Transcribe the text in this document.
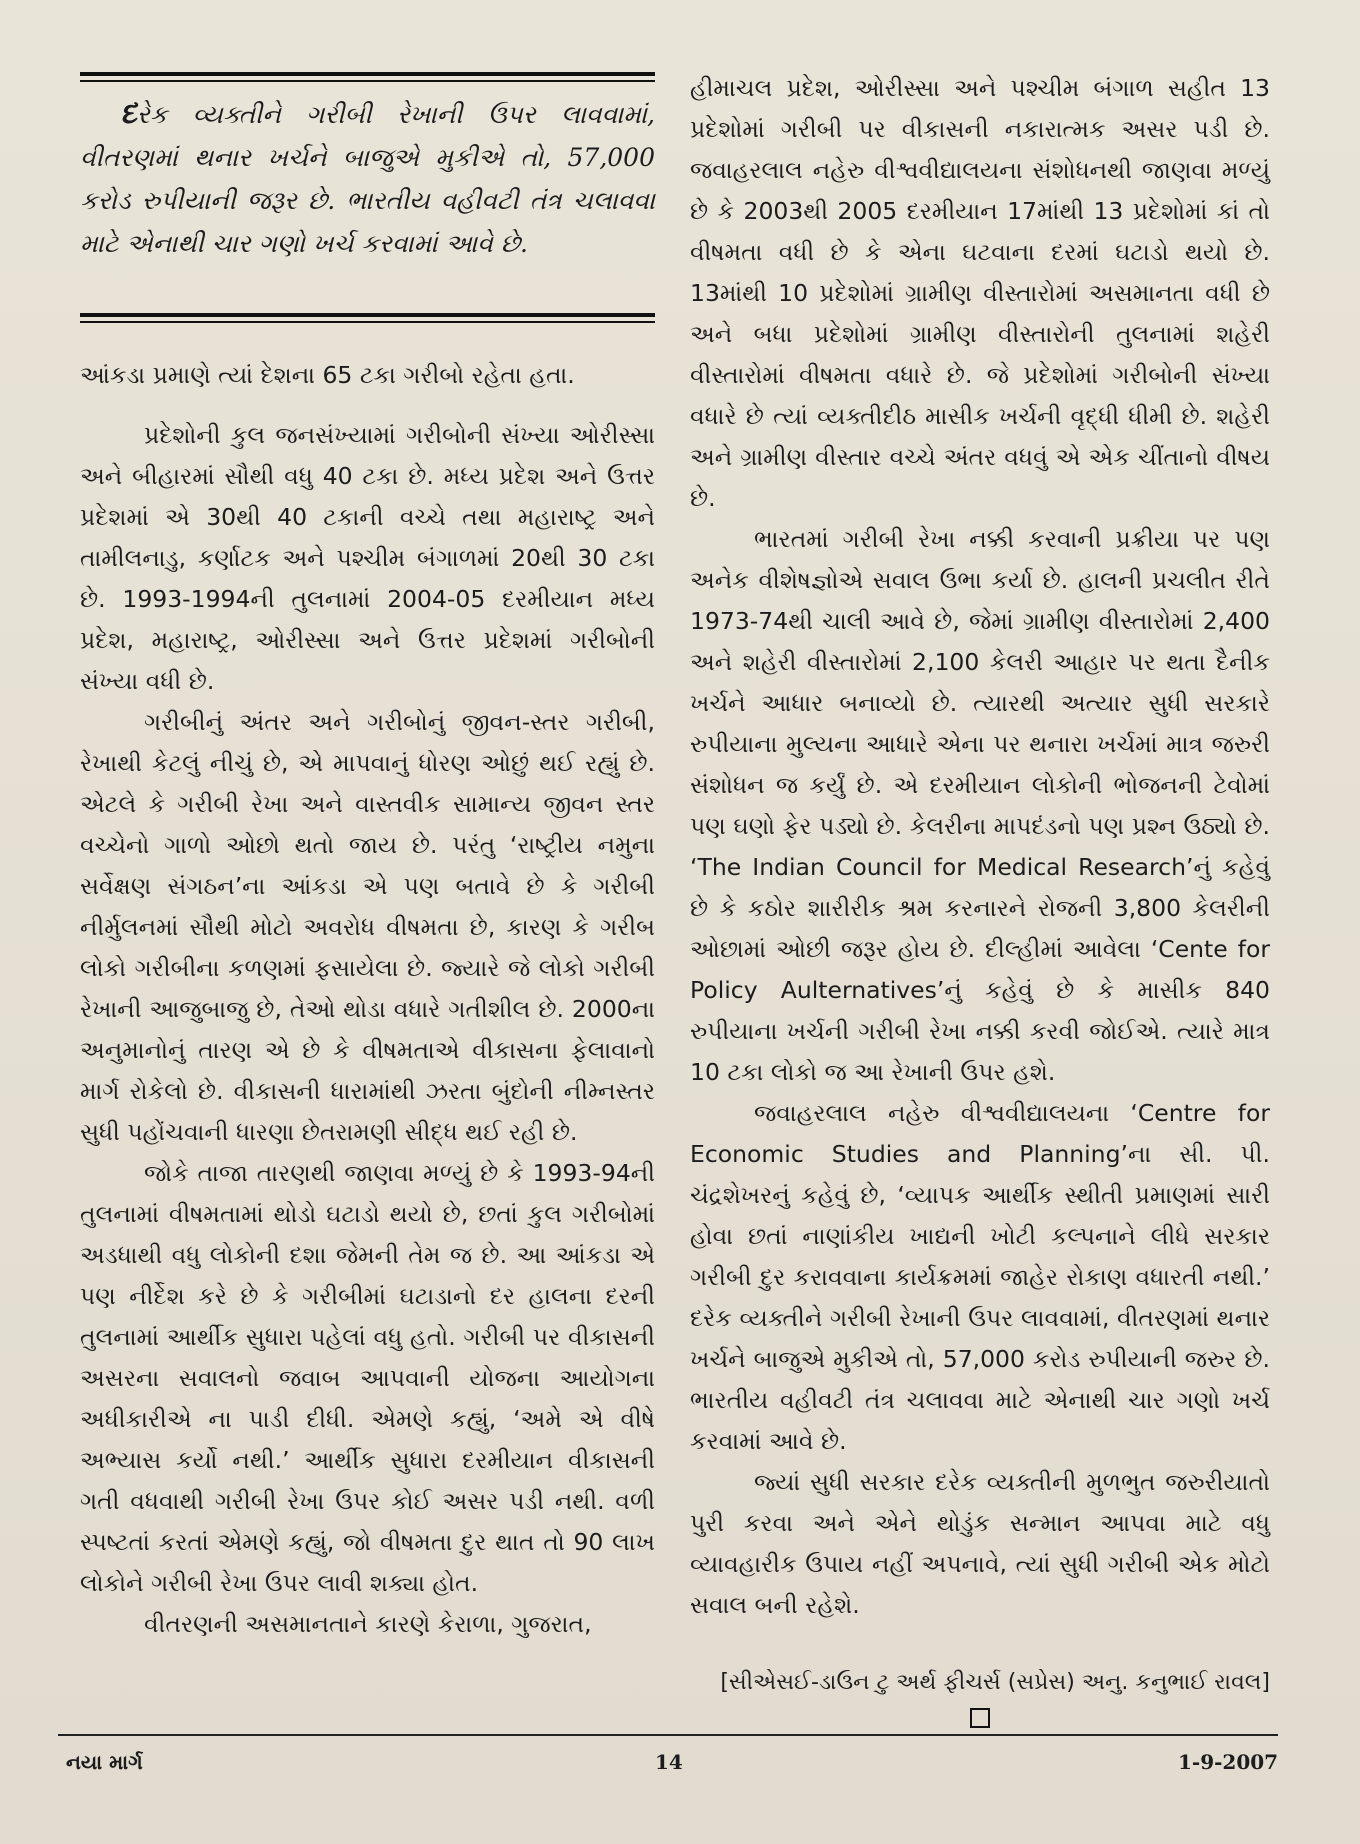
દરેક વ્યક્તીને ગરીબી રેખાની ઉપર લાવવામાં, વીતરણમાં થનાર ખર્ચને બાજુએ મુકીએ તો, 57,000 કરોડ રુપીયાની જરૂર છે. ભારતીય વહીવટી તંત્ર ચલાવવા માટે એનાથી ચાર ગણો ખર્ચ કરવામાં આવે છે.

આંકડા પ્રમાણે ત્યાં દેશના 65 ટકા ગરીબો રહેતા હતા.

પ્રદેશોની કુલ જનસંખ્યામાં ગરીબોની સંખ્યા ઓરીસ્સા અને બીહારમાં સૌથી વધુ 40 ટકા છે. મધ્ય પ્રદેશ અને ઉત્તર પ્રદેશમાં એ 30થી 40 ટકાની વચ્ચે તથા મહારાષ્ટ્ર અને તામીલનાડુ, કર્ણાટક અને પશ્ચીમ બંગાળમાં 20થી 30 ટકા છે. 1993-1994ની તુલનામાં 2004-05 દરમીયાન મધ્ય પ્રદેશ, મહારાષ્ટ્ર, ઓરીસ્સા અને ઉત્તર પ્રદેશમાં ગરીબોની સંખ્યા વધી છે.

ગરીબીનું અંતર અને ગરીબોનું જીવન-સ્તર ગરીબી, રેખાથી કેટલું નીચું છે, એ માપવાનું ધોરણ ઓછું થઈ રહ્યું છે. એટલે કે ગરીબી રેખા અને વાસ્તવીક સામાન્ય જીવન સ્તર વચ્ચેનો ગાળો ઓછો થતો જાય છે. પરંતુ ‘રાષ્ટ્રીય નમુના સર્વેક્ષણ સંગઠન’ના આંકડા એ પણ બતાવે છે કે ગરીબી નીર્મુલનમાં સૌથી મોટો અવરોધ વીષમતા છે, કારણ કે ગરીબ લોકો ગરીબીના કળણમાં ફસાયેલા છે. જ્યારે જે લોકો ગરીબી રેખાની આજુબાજુ છે, તેઓ થોડા વધારે ગતીશીલ છે. 2000ના અનુમાનોનું તારણ એ છે કે વીષમતાએ વીકાસના ફેલાવાનો માર્ગ રોકેલો છે. વીકાસની ધારામાંથી ઝરતા બુંદોની નીમ્નસ્તર સુધી પહોંચવાની ધારણા છેતરામણી સીદ્ધ થઈ રહી છે.

જોકે તાજા તારણથી જાણવા મળ્યું છે કે 1993-94ની તુલનામાં વીષમતામાં થોડો ઘટાડો થયો છે, છતાં કુલ ગરીબોમાં અડધાથી વધુ લોકોની દશા જેમની તેમ જ છે. આ આંકડા એ પણ નીર્દેશ કરે છે કે ગરીબીમાં ઘટાડાનો દર હાલના દરની તુલનામાં આર્થીક સુધારા પહેલાં વધુ હતો. ગરીબી પર વીકાસની અસરના સવાલનો જવાબ આપવાની યોજના આયોગના અધીકારીએ ના પાડી દીધી. એમણે કહ્યું, ‘અમે એ વીષે અભ્યાસ કર્યો નથી.’ આર્થીક સુધારા દરમીયાન વીકાસની ગતી વધવાથી ગરીબી રેખા ઉપર કોઈ અસર પડી નથી. વળી સ્પષ્ટતાં કરતાં એમણે કહ્યું, જો વીષમતા દુર થાત તો 90 લાખ લોકોને ગરીબી રેખા ઉપર લાવી શક્યા હોત.

વીતરણની અસમાનતાને કારણે કેરાળા, ગુજરાત,

હીમાચલ પ્રદેશ, ઓરીસ્સા અને પશ્ચીમ બંગાળ સહીત 13 પ્રદેશોમાં ગરીબી પર વીકાસની નકારાત્મક અસર પડી છે. જવાહરલાલ નહેરુ વીશ્વવીદ્યાલયના સંશોધનથી જાણવા મળ્યું છે કે 2003થી 2005 દરમીયાન 17માંથી 13 પ્રદેશોમાં કાં તો વીષમતા વધી છે કે એના ઘટવાના દરમાં ઘટાડો થયો છે. 13માંથી 10 પ્રદેશોમાં ગ્રામીણ વીસ્તારોમાં અસમાનતા વધી છે અને બધા પ્રદેશોમાં ગ્રામીણ વીસ્તારોની તુલનામાં શહેરી વીસ્તારોમાં વીષમતા વધારે છે. જે પ્રદેશોમાં ગરીબોની સંખ્યા વધારે છે ત્યાં વ્યક્તીદીઠ માસીક ખર્ચની વૃદ્ધી ધીમી છે. શહેરી અને ગ્રામીણ વીસ્તાર વચ્ચે અંતર વધવું એ એક ચીંતાનો વીષય છે.

ભારતમાં ગરીબી રેખા નક્કી કરવાની પ્રક્રીયા પર પણ અનેક વીશેષજ્ઞોએ સવાલ ઉભા કર્યા છે. હાલની પ્રચલીત રીતે 1973-74થી ચાલી આવે છે, જેમાં ગ્રામીણ વીસ્તારોમાં 2,400 અને શહેરી વીસ્તારોમાં 2,100 કેલરી આહાર પર થતા દૈનીક ખર્ચને આધાર બનાવ્યો છે. ત્યારથી અત્યાર સુધી સરકારે રુપીયાના મુલ્યના આધારે એના પર થનારા ખર્ચમાં માત્ર જરુરી સંશોધન જ કર્યું છે. એ દરમીયાન લોકોની ભોજનની ટેવોમાં પણ ઘણો ફેર પડ્યો છે. કેલરીના માપદંડનો પણ પ્રશ્ન ઉઠ્યો છે. ‘The Indian Council for Medical Research’નું કહેવું છે કે કઠોર શારીરીક શ્રમ કરનારને રોજની 3,800 કેલરીની ઓછામાં ઓછી જરૂર હોય છે. દીલ્હીમાં આવેલા ‘Cente for Policy Aulternatives’નું કહેવું છે કે માસીક 840 રુપીયાના ખર્ચની ગરીબી રેખા નક્કી કરવી જોઈએ. ત્યારે માત્ર 10 ટકા લોકો જ આ રેખાની ઉપર હશે.

જવાહરલાલ નહેરુ વીશ્વવીદ્યાલયના ‘Centre for Economic Studies and Planning’ના સી. પી. ચંદ્રશેખરનું કહેવું છે, ‘વ્યાપક આર્થીક સ્થીતી પ્રમાણમાં સારી હોવા છતાં નાણાંકીય ખાદ્યની ખોટી કલ્પનાને લીધે સરકાર ગરીબી દુર કરાવવાના કાર્યક્રમમાં જાહેર રોકાણ વધારતી નથી.’ દરેક વ્યક્તીને ગરીબી રેખાની ઉપર લાવવામાં, વીતરણમાં થનાર ખર્ચને બાજુએ મુકીએ તો, 57,000 કરોડ રુપીયાની જરુર છે. ભારતીય વહીવટી તંત્ર ચલાવવા માટે એનાથી ચાર ગણો ખર્ચ કરવામાં આવે છે.

જ્યાં સુધી સરકાર દરેક વ્યક્તીની મુળભુત જરુરીયાતો પુરી કરવા અને એને થોડુંક સન્માન આપવા માટે વધુ વ્યાવહારીક ઉપાય નહીં અપનાવે, ત્યાં સુધી ગરીબી એક મોટો સવાલ બની રહેશે.

[સીએસઈ-ડાઉન ટુ અર્થ ફીચર્સ (સપ્રેસ) અનુ. કનુભાઈ રાવલ]
નયા માર્ગ	14	1-9-2007
